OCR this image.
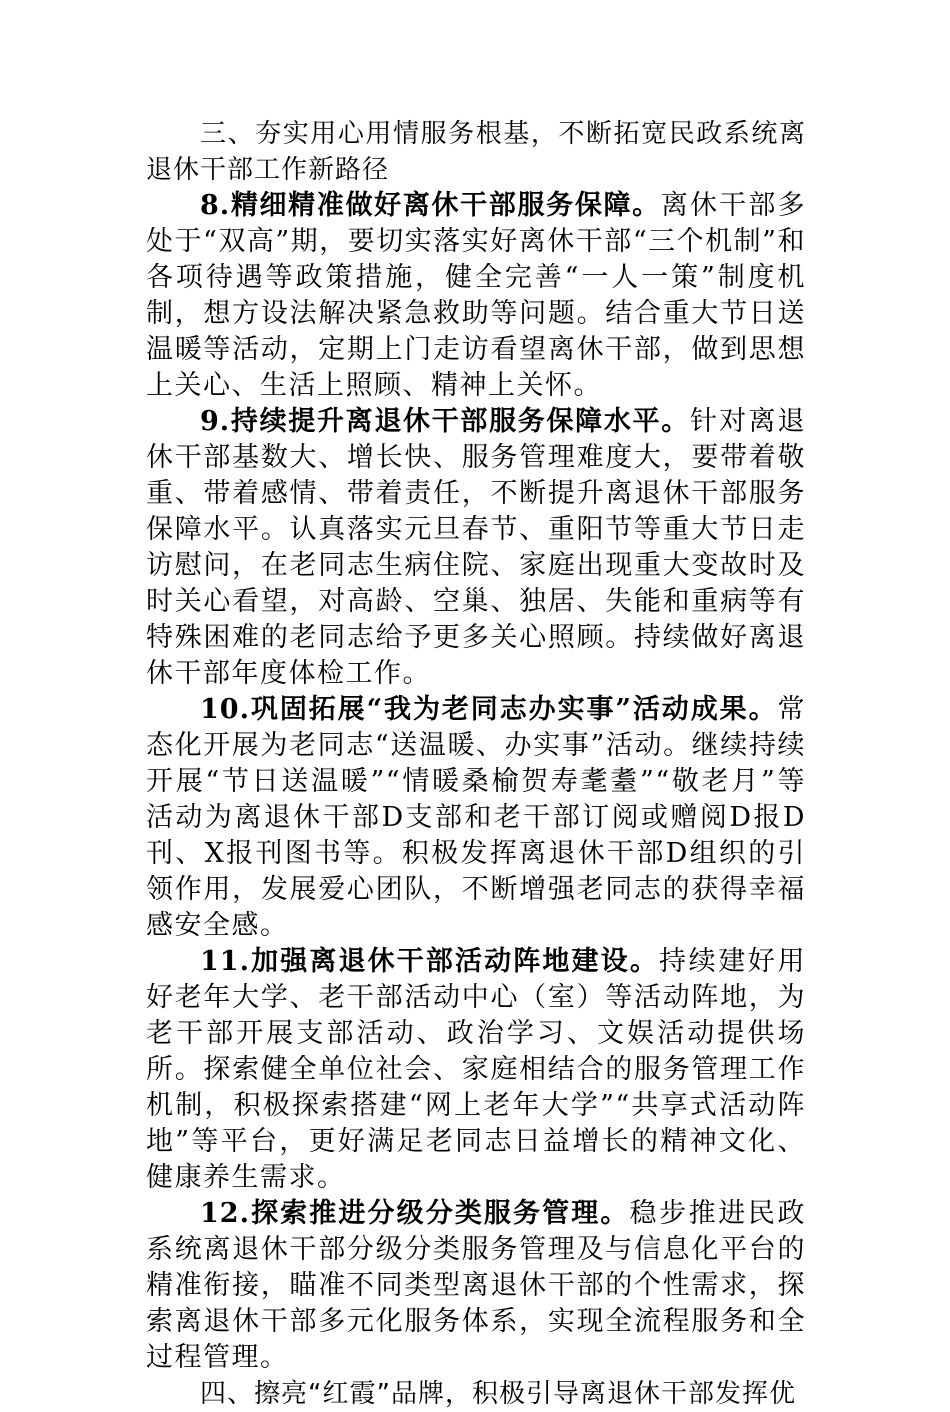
三、夯实用心用情服务根基，不断拓宽民政系统离退休干部工作新路径

8.精细精准做好离休干部服务保障。离休干部多处于“双高”期，要切实落实好离休干部“三个机制”和各项待遇等政策措施，健全完善“一人一策”制度机制，想方设法解决紧急救助等问题。结合重大节日送温暖等活动，定期上门走访看望离休干部，做到思想上关心、生活上照顾、精神上关怀。

9.持续提升离退休干部服务保障水平。针对离退休干部基数大、增长快、服务管理难度大，要带着敬重、带着感情、带着责任，不断提升离退休干部服务保障水平。认真落实元旦春节、重阳节等重大节日走访慰问，在老同志生病住院、家庭出现重大变故时及时关心看望，对高龄、空巢、独居、失能和重病等有特殊困难的老同志给予更多关心照顾。持续做好离退休干部年度体检工作。

10.巩固拓展“我为老同志办实事”活动成果。常态化开展为老同志“送温暖、办实事”活动。继续持续开展“节日送温暖”“情暖桑榆贺寿耄耋”“敬老月”等活动为离退休干部D支部和老干部订阅或赠阅D报D刊、X报刊图书等。积极发挥离退休干部D组织的引领作用，发展爱心团队，不断增强老同志的获得幸福感安全感。

11.加强离退休干部活动阵地建设。持续建好用好老年大学、老干部活动中心（室）等活动阵地，为老干部开展支部活动、政治学习、文娱活动提供场所。探索健全单位社会、家庭相结合的服务管理工作机制，积极探索搭建“网上老年大学”“共享式活动阵地”等平台，更好满足老同志日益增长的精神文化、健康养生需求。

12.探索推进分级分类服务管理。稳步推进民政系统离退休干部分级分类服务管理及与信息化平台的精准衔接，瞄准不同类型离退休干部的个性需求，探索离退休干部多元化服务体系，实现全流程服务和全过程管理。

四、擦亮“红霞”品牌，积极引导离退休干部发挥优
